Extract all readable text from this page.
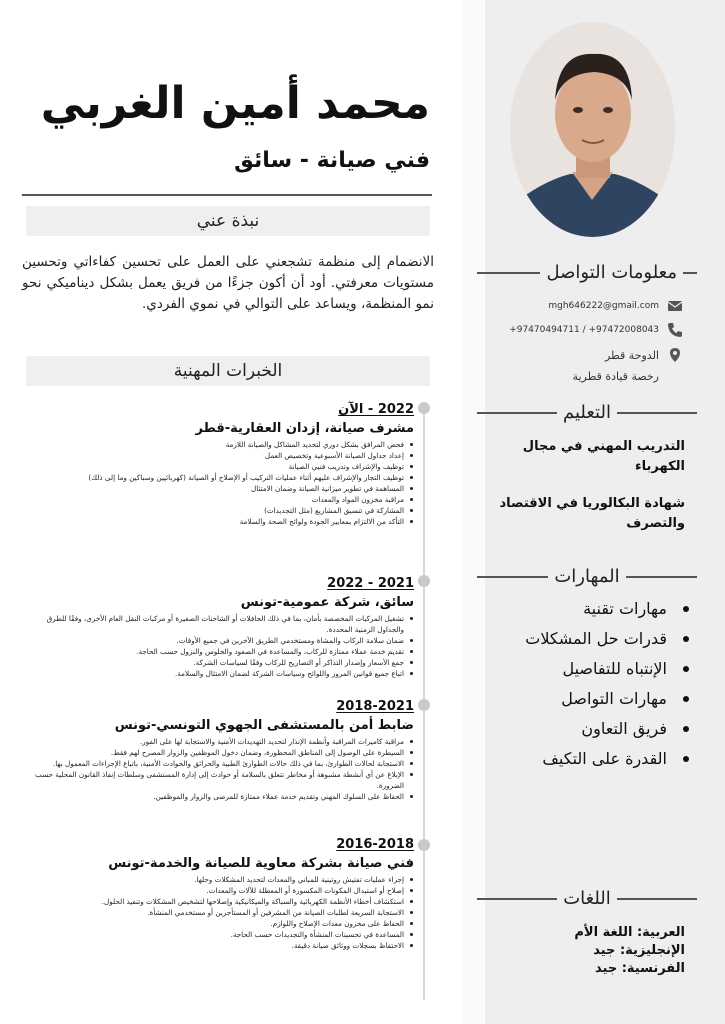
معلومات التواصل
mgh646222@gmail.com
+97470494711 / +97472008043
الدوحة قطر
رخصة قيادة قطرية
التعليم
التدريب المهني في مجال الكهرباء
شهادة البكالوريا في الاقتصاد والتصرف
المهارات
مهارات تقنية
قدرات حل المشكلات
الإنتباه للتفاصيل
مهارات التواصل
فريق التعاون
القدرة على التكيف
اللغات
العربية: اللغة الأم
الإنجليزية: جيد
الفرنسية: جيد
محمد أمين الغربي
فني صيانة - سائق
نبذة عني

الانضمام إلى منظمة تشجعني على العمل على تحسين كفاءاتي وتحسين مستويات معرفتي. أود أن أكون جزءًا من فريق يعمل بشكل ديناميكي نحو نمو المنظمة، ويساعد على التوالي في نموي الفردي.

الخبرات المهنية
2022 - الآن
مشرف صيانة، إزدان العقارية-قطر
فحص المرافق بشكل دوري لتحديد المشاكل والصيانة اللازمة
إعداد جداول الصيانة الأسبوعية وتخصيص العمل
توظيف والإشراف وتدريب فنيي الصيانة
توظيف التجار والإشراف عليهم أثناء عمليات التركيب أو الإصلاح أو الصيانة (كهربائيين وسباكين وما إلى ذلك)
المساهمة في تطوير ميزانية الصيانة وضمان الامتثال
مراقبة مخزون المواد والمعدات
المشاركة في تنسيق المشاريع (مثل التجديدات)
التأكد من الالتزام بمعايير الجودة ولوائح الصحة والسلامة
2021 - 2022
سائق، شركة عمومية-تونس
تشغيل المركبات المخصصة بأمان، بما في ذلك الحافلات أو الشاحنات الصغيرة أو مركبات النقل العام الأخرى، وفقًا للطرق والجداول الزمنية المحددة.
ضمان سلامة الركاب والمشاة ومستخدمي الطريق الآخرين في جميع الأوقات.
تقديم خدمة عملاء ممتازة للركاب، والمساعدة في الصعود والجلوس والنزول حسب الحاجة.
جمع الأسعار وإصدار التذاكر أو التصاريح للركاب وفقًا لسياسات الشركة.
اتباع جميع قوانين المرور واللوائح وسياسات الشركة لضمان الامتثال والسلامة.
2018-2021
ضابط أمن بالمستشفى الجهوي التونسي-تونس
مراقبة كاميرات المراقبة وأنظمة الإنذار لتحديد التهديدات الأمنية والاستجابة لها على الفور.
السيطرة على الوصول إلى المناطق المحظورة، وضمان دخول الموظفين والزوار المصرح لهم فقط.
الاستجابة لحالات الطوارئ، بما في ذلك حالات الطوارئ الطبية والحرائق والحوادث الأمنية، باتباع الإجراءات المعمول بها.
الإبلاغ عن أي أنشطة مشبوهة أو مخاطر تتعلق بالسلامة أو حوادث إلى إدارة المستشفى وسلطات إنفاذ القانون المحلية حسب الضرورة.
الحفاظ على السلوك المهني وتقديم خدمة عملاء ممتازة للمرضى والزوار والموظفين.
2016-2018
فني صيانة بشركة معاوية للصيانة والخدمة-تونس
إجراء عمليات تفتيش روتينية للمباني والمعدات لتحديد المشكلات وحلها.
إصلاح أو استبدال المكونات المكسورة أو المعطلة للآلات والمعدات.
استكشاف أخطاء الأنظمة الكهربائية والسباكة والميكانيكية وإصلاحها لتشخيص المشكلات وتنفيذ الحلول.
الاستجابة السريعة لطلبات الصيانة من المشرفين أو المستأجرين أو مستخدمي المنشأة.
الحفاظ على مخزون معدات الإصلاح واللوازم.
المساعدة في تحسينات المنشأة والتجديدات حسب الحاجة.
الاحتفاظ بسجلات ووثائق صيانة دقيقة.
